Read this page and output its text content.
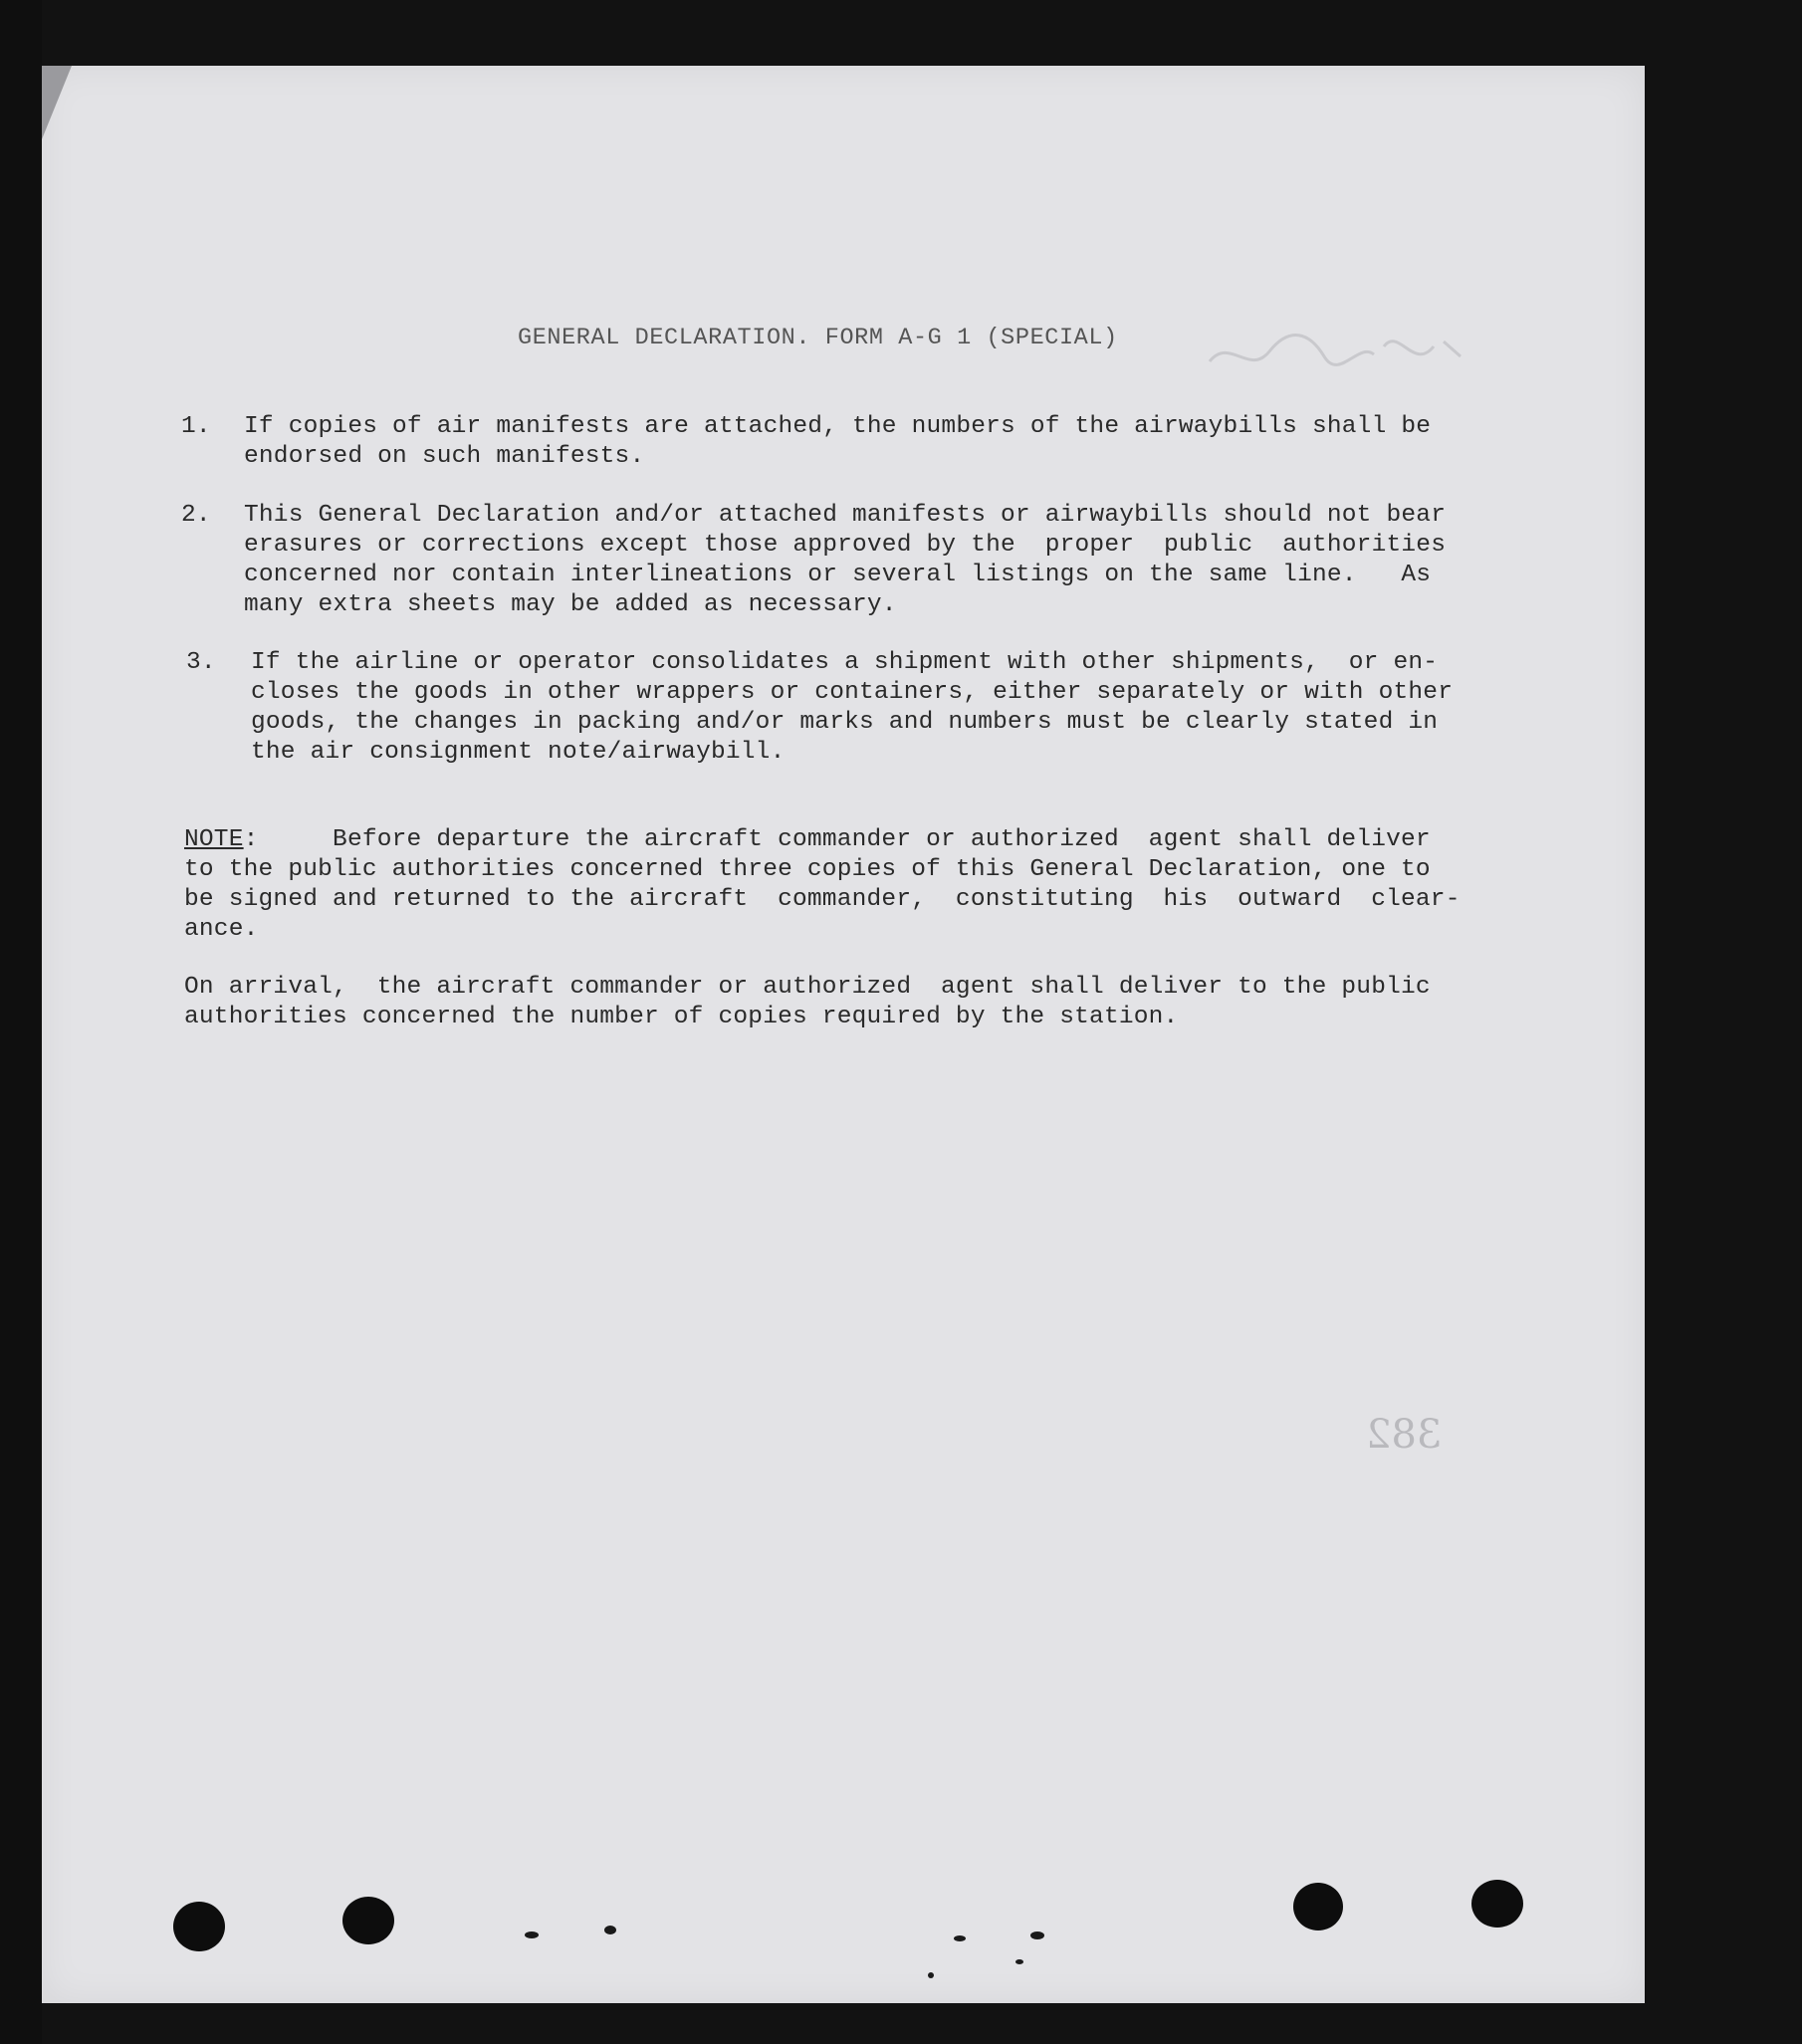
GENERAL DECLARATION. FORM A-G 1 (SPECIAL)
1. If copies of air manifests are attached, the numbers of the airwaybills shall be
endorsed on such manifests.
2. This General Declaration and/or attached manifests or airwaybills should not bear
erasures or corrections except those approved by the  proper  public  authorities
concerned nor contain interlineations or several listings on the same line.   As
many extra sheets may be added as necessary.
3. If the airline or operator consolidates a shipment with other shipments,  or en-
closes the goods in other wrappers or containers, either separately or with other
goods, the changes in packing and/or marks and numbers must be clearly stated in
the air consignment note/airwaybill.
NOTE:     Before departure the aircraft commander or authorized  agent shall deliver
to the public authorities concerned three copies of this General Declaration, one to
be signed and returned to the aircraft  commander,  constituting  his  outward  clear-
ance.
On arrival,  the aircraft commander or authorized  agent shall deliver to the public
authorities concerned the number of copies required by the station.
382
